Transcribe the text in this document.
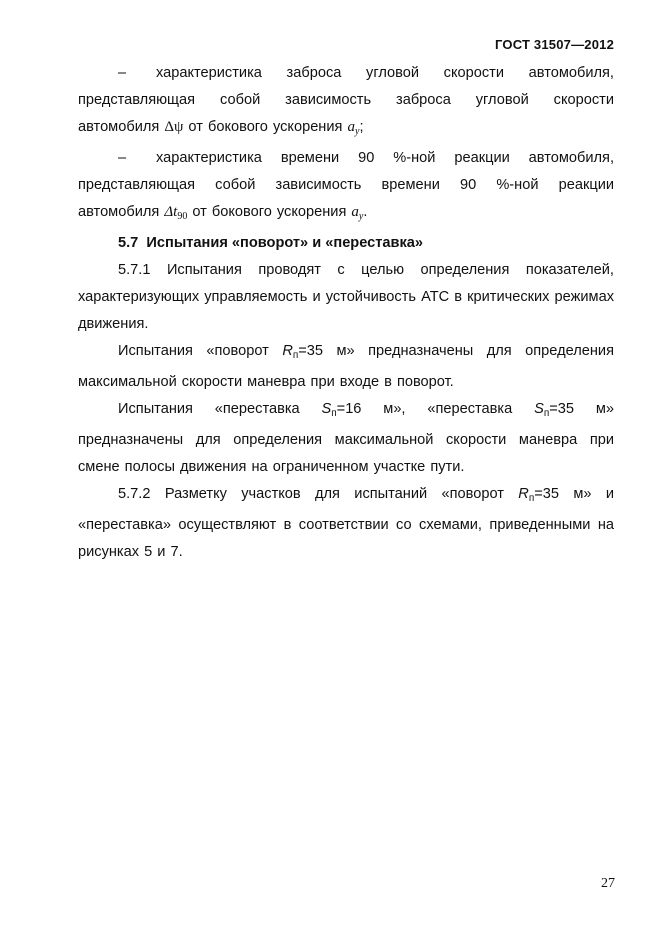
ГОСТ 31507—2012

– характеристика заброса угловой скорости автомобиля,

представляющая собой зависимость заброса угловой скорости

автомобиля Δψ от бокового ускорения $a_y$;

– характеристика времени 90 %-ной реакции автомобиля,

представляющая собой зависимость времени 90 %-ной реакции

автомобиля $\Delta t_{90}$ от бокового ускорения $a_y$.

5.7 Испытания «поворот» и «переставка»

5.7.1 Испытания проводят с целью определения показателей, характеризующих управляемость и устойчивость АТС в критических режимах движения.

Испытания «поворот $R_п=35$ м» предназначены для определения максимальной скорости маневра при входе в поворот.

Испытания «переставка $S_п=16$ м», «переставка $S_п=35$ м» предназначены для определения максимальной скорости маневра при смене полосы движения на ограниченном участке пути.

5.7.2 Разметку участков для испытаний «поворот $R_п=35$ м» и «переставка» осуществляют в соответствии со схемами, приведенными на рисунках 5 и 7.

27
